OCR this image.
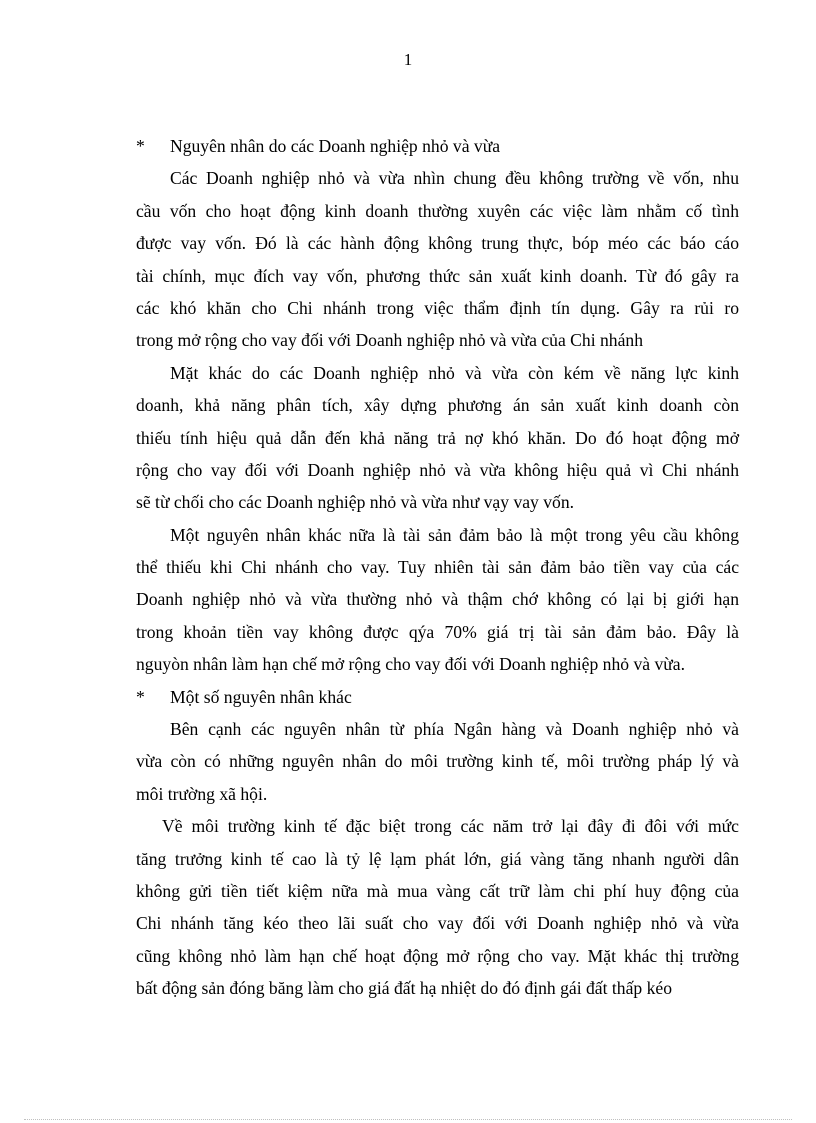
1
* Nguyên nhân do các Doanh nghiệp nhỏ và vừa
Các Doanh nghiệp nhỏ và vừa nhìn chung đều không trường về vốn, nhu
cầu vốn cho hoạt động kinh doanh thường xuyên các việc làm nhằm cố tình
được vay vốn. Đó là các hành động không trung thực, bóp méo các báo cáo
tài chính, mục đích vay vốn, phương thức sản xuất kinh doanh. Từ đó gây ra
các khó khăn cho Chi nhánh trong việc thẩm định tín dụng. Gây ra rủi ro
trong mở rộng cho vay đối với Doanh nghiệp nhỏ và vừa của Chi nhánh
Mặt khác do các Doanh nghiệp nhỏ và vừa còn kém về năng lực kinh
doanh, khả năng phân tích, xây dựng phương án sản xuất kinh doanh còn
thiếu tính hiệu quả dẫn đến khả năng trả nợ khó khăn. Do đó hoạt động mở
rộng cho vay đối với Doanh nghiệp nhỏ và vừa không hiệu quả vì Chi nhánh
sẽ từ chối cho các Doanh nghiệp nhỏ và vừa như vạy vay vốn.
Một nguyên nhân khác nữa là tài sản đảm bảo là một trong yêu cầu không
thể thiếu khi Chi nhánh cho vay. Tuy nhiên tài sản đảm bảo tiền vay của các
Doanh nghiệp nhỏ và vừa thường nhỏ và thậm chớ không có lại bị giới hạn
trong khoản tiền vay không được qýa 70% giá trị tài sản đảm bảo. Đây là
nguyòn nhân làm hạn chế mở rộng cho vay đối với Doanh nghiệp nhỏ và vừa.
* Một số nguyên nhân khác
Bên cạnh các nguyên nhân từ phía Ngân hàng và Doanh nghiệp nhỏ và
vừa còn có những nguyên nhân do môi trường kinh tế, môi trường pháp lý và
môi trường xã hội.
Về môi trường kinh tế đặc biệt trong các năm trở lại đây đi đôi với mức
tăng trưởng kinh tế cao là tỷ lệ lạm phát lớn, giá vàng tăng nhanh người dân
không gửi tiền tiết kiệm nữa mà mua vàng cất trữ làm chi phí huy động của
Chi nhánh tăng kéo theo lãi suất cho vay đối với Doanh nghiệp nhỏ và vừa
cũng không nhỏ làm hạn chế hoạt động mở rộng cho vay. Mặt khác thị trường
bất động sản đóng băng làm cho giá đất hạ nhiệt do đó định gái đất thấp kéo
